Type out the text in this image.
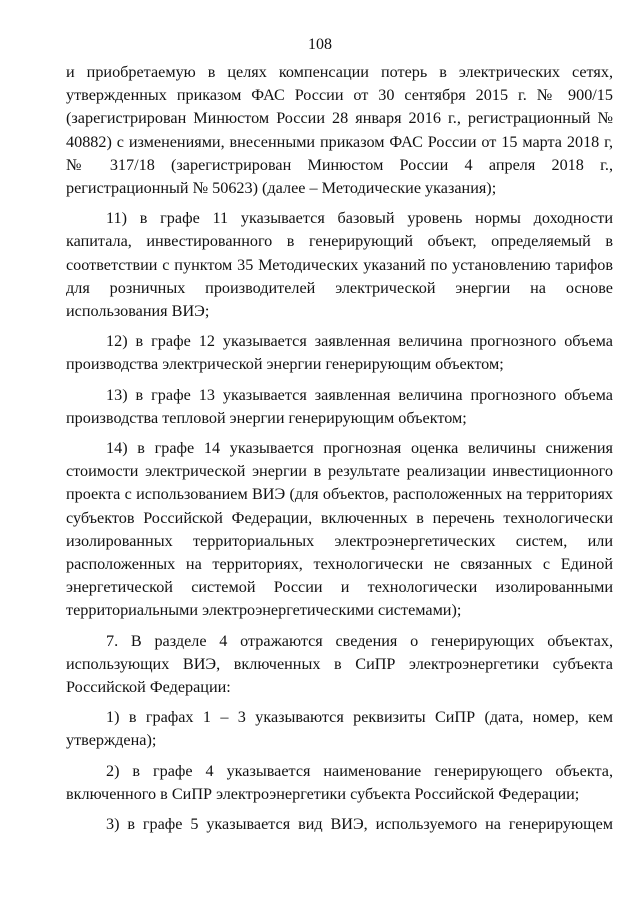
108

и приобретаемую в целях компенсации потерь в электрических сетях, утвержденных приказом ФАС России от 30 сентября 2015 г. № 900/15 (зарегистрирован Минюстом России 28 января 2016 г., регистрационный № 40882) с изменениями, внесенными приказом ФАС России от 15 марта 2018 г, № 317/18 (зарегистрирован Минюстом России 4 апреля 2018 г., регистрационный № 50623) (далее – Методические указания);

11) в графе 11 указывается базовый уровень нормы доходности капитала, инвестированного в генерирующий объект, определяемый в соответствии с пунктом 35 Методических указаний по установлению тарифов для розничных производителей электрической энергии на основе использования ВИЭ;

12) в графе 12 указывается заявленная величина прогнозного объема производства электрической энергии генерирующим объектом;

13) в графе 13 указывается заявленная величина прогнозного объема производства тепловой энергии генерирующим объектом;

14) в графе 14 указывается прогнозная оценка величины снижения стоимости электрической энергии в результате реализации инвестиционного проекта с использованием ВИЭ (для объектов, расположенных на территориях субъектов Российской Федерации, включенных в перечень технологически изолированных территориальных электроэнергетических систем, или расположенных на территориях, технологически не связанных с Единой энергетической системой России и технологически изолированными территориальными электроэнергетическими системами);

7. В разделе 4 отражаются сведения о генерирующих объектах, использующих ВИЭ, включенных в СиПР электроэнергетики субъекта Российской Федерации:

1) в графах 1 – 3 указываются реквизиты СиПР (дата, номер, кем утверждена);

2) в графе 4 указывается наименование генерирующего объекта, включенного в СиПР электроэнергетики субъекта Российской Федерации;

3) в графе 5 указывается вид ВИЭ, используемого на генерирующем
